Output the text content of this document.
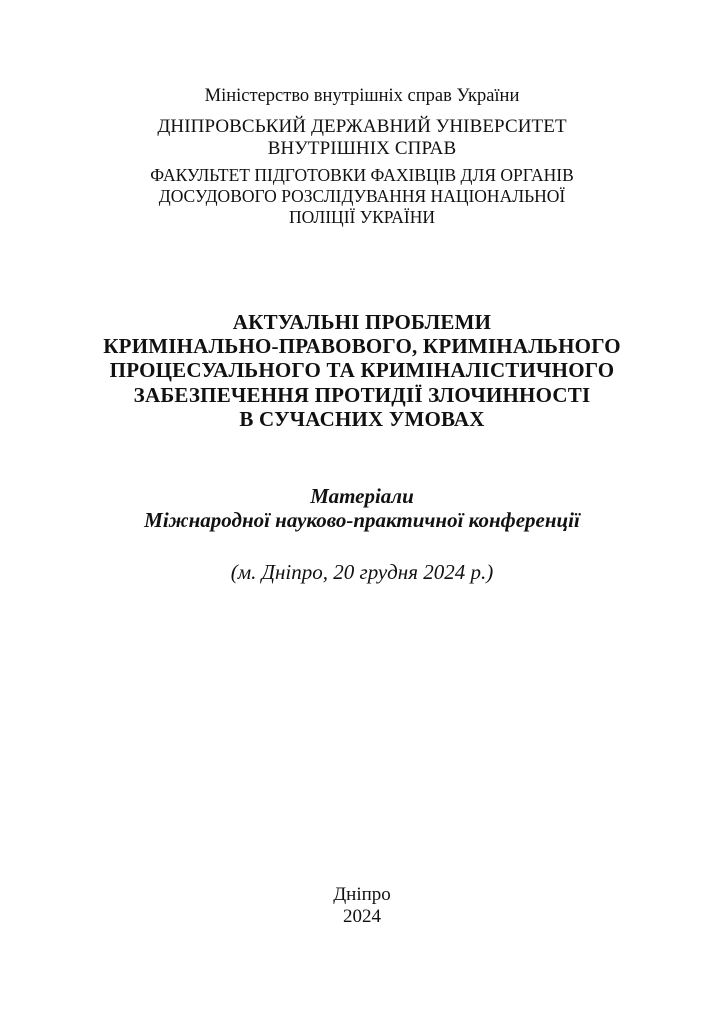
Міністерство внутрішніх справ України
ДНІПРОВСЬКИЙ ДЕРЖАВНИЙ УНІВЕРСИТЕТ
ВНУТРІШНІХ СПРАВ
ФАКУЛЬТЕТ ПІДГОТОВКИ ФАХІВЦІВ ДЛЯ ОРГАНІВ
ДОСУДОВОГО РОЗСЛІДУВАННЯ НАЦІОНАЛЬНОЇ
ПОЛІЦІЇ УКРАЇНИ
АКТУАЛЬНІ ПРОБЛЕМИ
КРИМІНАЛЬНО-ПРАВОВОГО, КРИМІНАЛЬНОГО
ПРОЦЕСУАЛЬНОГО ТА КРИМІНАЛІСТИЧНОГО
ЗАБЕЗПЕЧЕННЯ ПРОТИДІЇ ЗЛОЧИННОСТІ
В СУЧАСНИХ УМОВАХ
Матеріали
Міжнародної науково-практичної конференції
(м. Дніпро, 20 грудня 2024 р.)
Дніпро
2024
